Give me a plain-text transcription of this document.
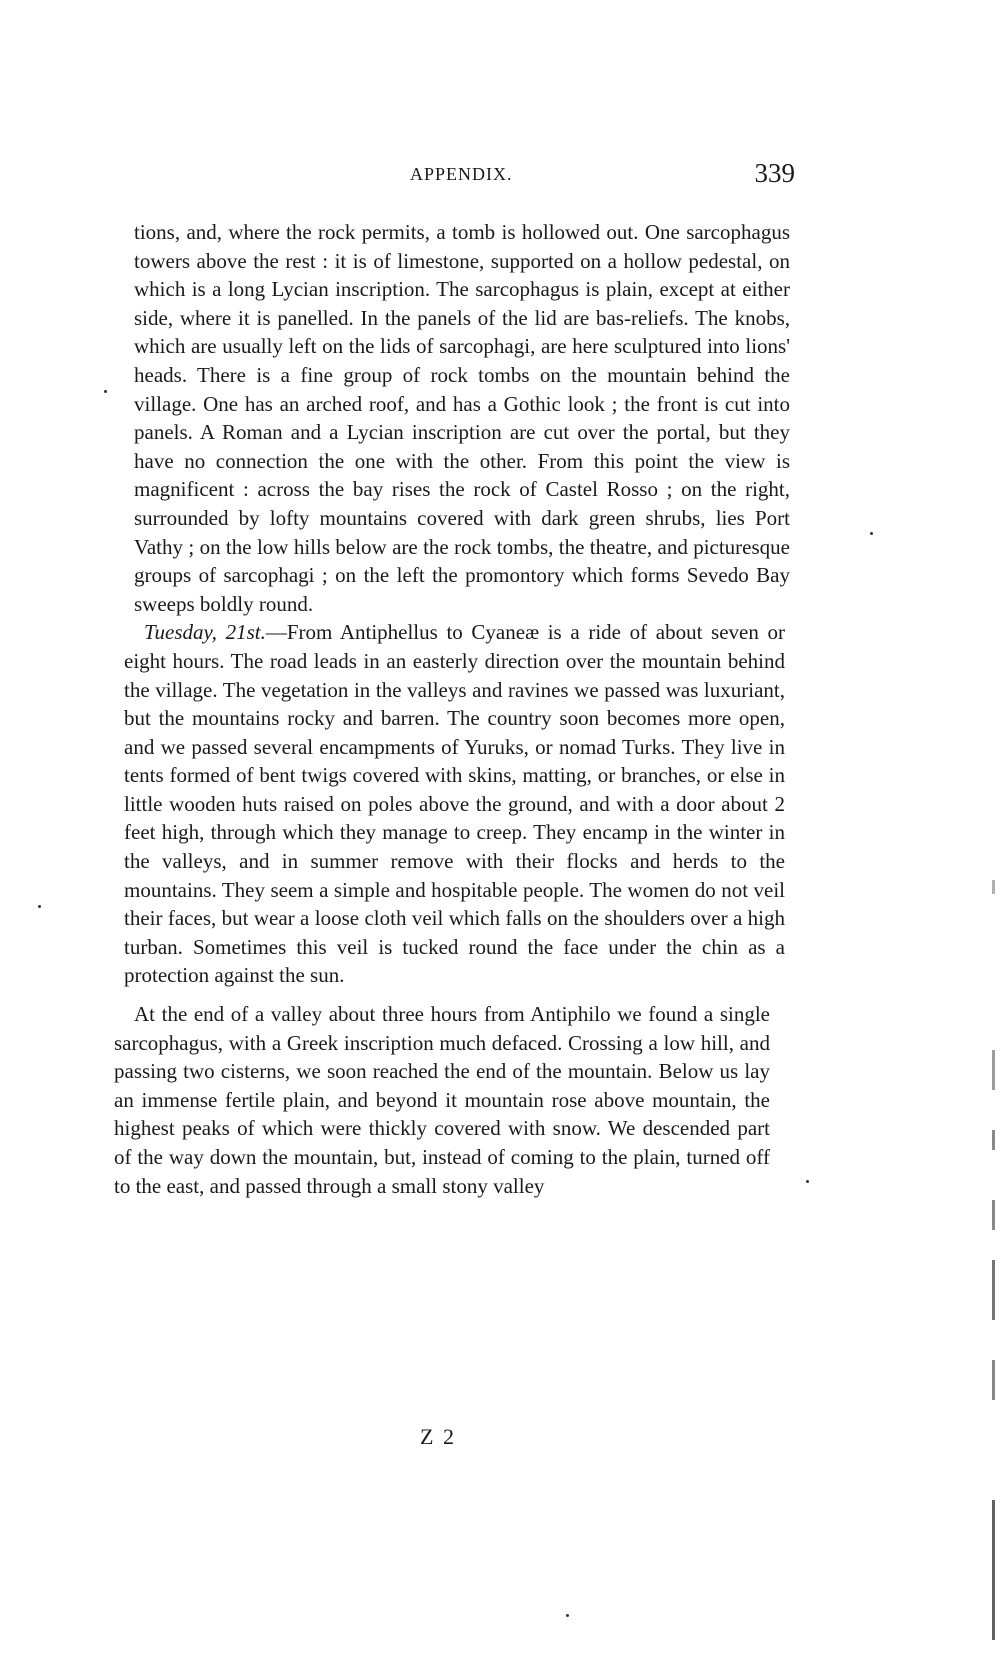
APPENDIX.	339

tions, and, where the rock permits, a tomb is hollowed out. One sarcophagus towers above the rest : it is of limestone, supported on a hollow pedestal, on which is a long Lycian inscription. The sarcophagus is plain, except at either side, where it is panelled. In the panels of the lid are bas-reliefs. The knobs, which are usually left on the lids of sarcophagi, are here sculptured into lions' heads. There is a fine group of rock tombs on the mountain behind the village. One has an arched roof, and has a Gothic look ; the front is cut into panels. A Roman and a Lycian inscription are cut over the portal, but they have no connection the one with the other. From this point the view is magnificent : across the bay rises the rock of Castel Rosso ; on the right, surrounded by lofty mountains covered with dark green shrubs, lies Port Vathy ; on the low hills below are the rock tombs, the theatre, and picturesque groups of sarcophagi ; on the left the promontory which forms Sevedo Bay sweeps boldly round.

Tuesday, 21st.—From Antiphellus to Cyaneæ is a ride of about seven or eight hours. The road leads in an easterly direction over the mountain behind the village. The vegetation in the valleys and ravines we passed was luxuriant, but the mountains rocky and barren. The country soon becomes more open, and we passed several encampments of Yuruks, or nomad Turks. They live in tents formed of bent twigs covered with skins, matting, or branches, or else in little wooden huts raised on poles above the ground, and with a door about 2 feet high, through which they manage to creep. They encamp in the winter in the valleys, and in summer remove with their flocks and herds to the mountains. They seem a simple and hospitable people. The women do not veil their faces, but wear a loose cloth veil which falls on the shoulders over a high turban. Sometimes this veil is tucked round the face under the chin as a protection against the sun.

At the end of a valley about three hours from Antiphilo we found a single sarcophagus, with a Greek inscription much defaced. Crossing a low hill, and passing two cisterns, we soon reached the end of the mountain. Below us lay an immense fertile plain, and beyond it mountain rose above mountain, the highest peaks of which were thickly covered with snow. We descended part of the way down the mountain, but, instead of coming to the plain, turned off to the east, and passed through a small stony valley

Z 2
